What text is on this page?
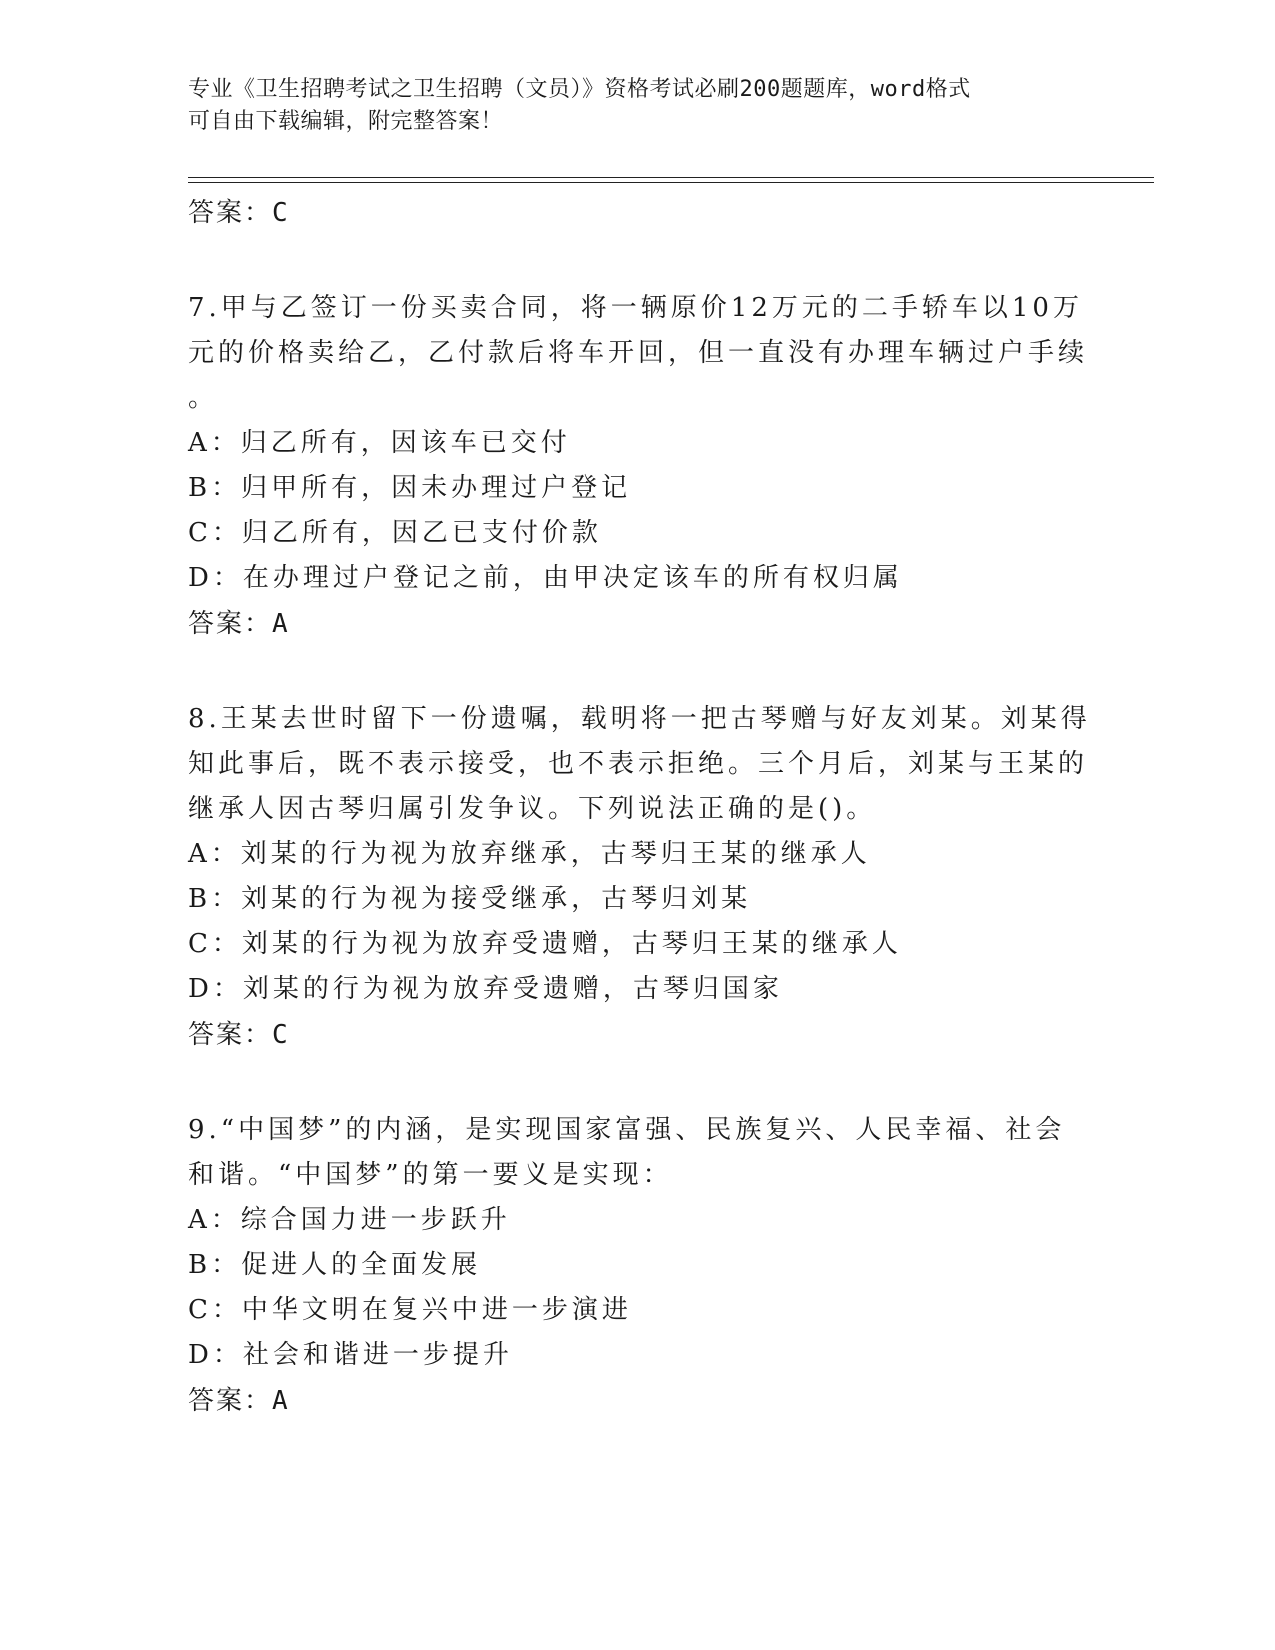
专业《卫生招聘考试之卫生招聘（文员）》资格考试必刷200题题库，word格式
可自由下载编辑，附完整答案！
答案：C
7.甲与乙签订一份买卖合同，将一辆原价12万元的二手轿车以10万
元的价格卖给乙，乙付款后将车开回，但一直没有办理车辆过户手续
。
A：归乙所有，因该车已交付
B：归甲所有，因未办理过户登记
C：归乙所有，因乙已支付价款
D：在办理过户登记之前，由甲决定该车的所有权归属
答案：A
8.王某去世时留下一份遗嘱，载明将一把古琴赠与好友刘某。刘某得
知此事后，既不表示接受，也不表示拒绝。三个月后，刘某与王某的
继承人因古琴归属引发争议。下列说法正确的是()。
A：刘某的行为视为放弃继承，古琴归王某的继承人
B：刘某的行为视为接受继承，古琴归刘某
C：刘某的行为视为放弃受遗赠，古琴归王某的继承人
D：刘某的行为视为放弃受遗赠，古琴归国家
答案：C
9.“中国梦”的内涵，是实现国家富强、民族复兴、人民幸福、社会
和谐。“中国梦”的第一要义是实现：
A：综合国力进一步跃升
B：促进人的全面发展
C：中华文明在复兴中进一步演进
D：社会和谐进一步提升
答案：A
